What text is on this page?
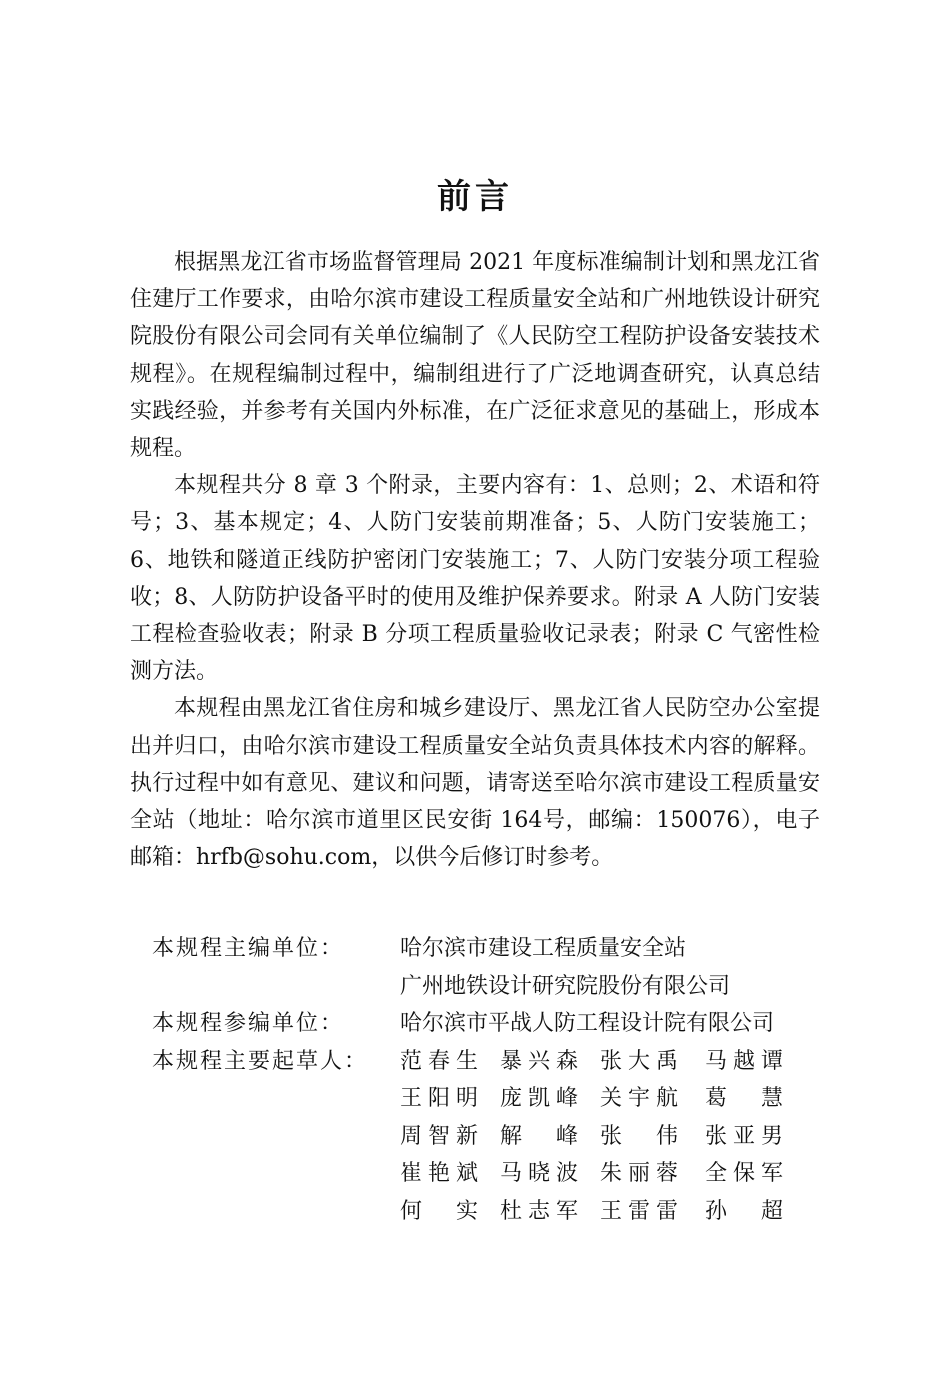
前言

根据黑龙江省市场监督管理局 2021 年度标准编制计划和黑龙江省住建厅工作要求，由哈尔滨市建设工程质量安全站和广州地铁设计研究院股份有限公司会同有关单位编制了《人民防空工程防护设备安装技术规程》。在规程编制过程中，编制组进行了广泛地调查研究，认真总结实践经验，并参考有关国内外标准，在广泛征求意见的基础上，形成本规程。

本规程共分 8 章 3 个附录，主要内容有：1、总则；2、术语和符号；3、基本规定；4、人防门安装前期准备；5、人防门安装施工；6、地铁和隧道正线防护密闭门安装施工；7、人防门安装分项工程验收；8、人防防护设备平时的使用及维护保养要求。附录 A 人防门安装工程检查验收表；附录 B 分项工程质量验收记录表；附录 C 气密性检测方法。

本规程由黑龙江省住房和城乡建设厅、黑龙江省人民防空办公室提出并归口，由哈尔滨市建设工程质量安全站负责具体技术内容的解释。执行过程中如有意见、建议和问题，请寄送至哈尔滨市建设工程质量安全站（地址：哈尔滨市道里区民安街 164号，邮编：150076），电子邮箱：hrfb@sohu.com，以供今后修订时参考。

本规程主编单位：	哈尔滨市建设工程质量安全站
广州地铁设计研究院股份有限公司
本规程参编单位：	哈尔滨市平战人防工程设计院有限公司
本规程主要起草人：	范春生 暴兴森 张大禹 马越谭
王阳明 庞凯峰 关宇航 葛慧
周智新 解峰 张伟 张亚男
崔艳斌 马晓波 朱丽蓉 全保军
何实 杜志军 王雷雷 孙超
